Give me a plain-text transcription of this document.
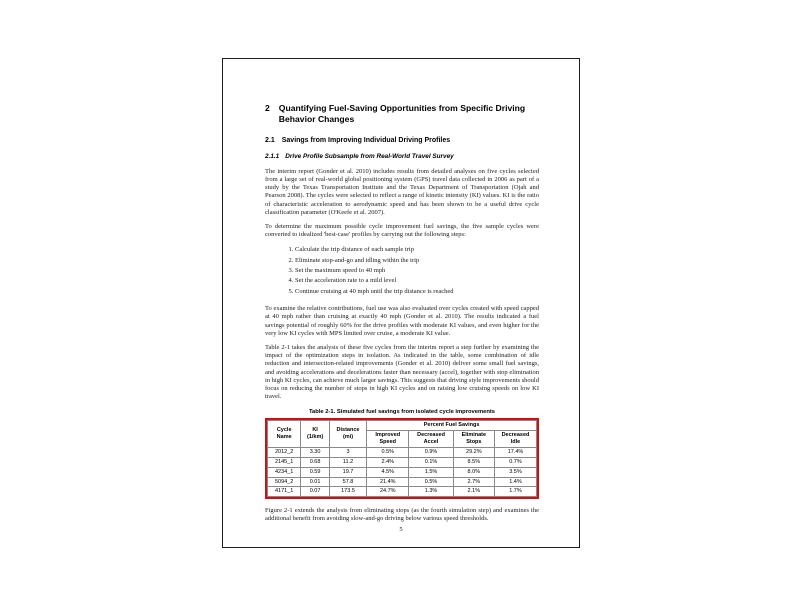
2 Quantifying Fuel-Saving Opportunities from Specific Driving Behavior Changes
2.1 Savings from Improving Individual Driving Profiles
2.1.1 Drive Profile Subsample from Real-World Travel Survey

The interim report (Gonder et al. 2010) includes results from detailed analyses on five cycles selected from a large set of real-world global positioning system (GPS) travel data collected in 2006 as part of a study by the Texas Transportation Institute and the Texas Department of Transportation (Ojah and Pearson 2008). The cycles were selected to reflect a range of kinetic intensity (KI) values. KI is the ratio of characteristic acceleration to aerodynamic speed and has been shown to be a useful drive cycle classification parameter (O'Keefe et al. 2007).

To determine the maximum possible cycle improvement fuel savings, the five sample cycles were converted to idealized 'best-case' profiles by carrying out the following steps:

1. Calculate the trip distance of each sample trip
2. Eliminate stop-and-go and idling within the trip
3. Set the maximum speed to 40 mph
4. Set the acceleration rate to a mild level
5. Continue cruising at 40 mph until the trip distance is reached

To examine the relative contributions, fuel use was also evaluated over cycles created with speed capped at 40 mph rather than cruising at exactly 40 mph (Gonder et al. 2010). The results indicated a fuel savings potential of roughly 60% for the drive profiles with moderate KI values, and even higher for the very low KI cycles with MPS limited over cruise, a moderate KI value.

Table 2-1 takes the analysis of these five cycles from the interim report a step further by examining the impact of the optimization steps in isolation. As indicated in the table, some combination of idle reduction and intersection-related improvements (Gonder et al. 2010) deliver some small fuel savings, and avoiding accelerations and decelerations faster than necessary (accel), together with stop elimination in high KI cycles, can achieve much larger savings. This suggests that driving style improvements should focus on reducing the number of stops in high KI cycles and on raising low cruising speeds on low KI travel.

Table 2-1. Simulated fuel savings from isolated cycle improvements
Cycle Name	KI (1/km)	Distance (mi)	Percent Fuel Savings			
			Improved Speed	Decreased Accel	Eliminate Stops	Decreased Idle
2012_2	3.30	3	0.5%	0.9%	29.2%	17.4%
2145_1	0.68	11.2	2.4%	0.1%	8.5%	0.7%
4234_1	0.59	19.7	4.5%	1.5%	8.0%	3.5%
5094_2	0.01	57.8	21.4%	0.5%	2.7%	1.4%
4171_1	0.07	173.5	24.7%	1.3%	2.1%	1.7%

Figure 2-1 extends the analysis from eliminating stops (as the fourth simulation step) and examines the additional benefit from avoiding slow-and-go driving below various speed thresholds.

5
